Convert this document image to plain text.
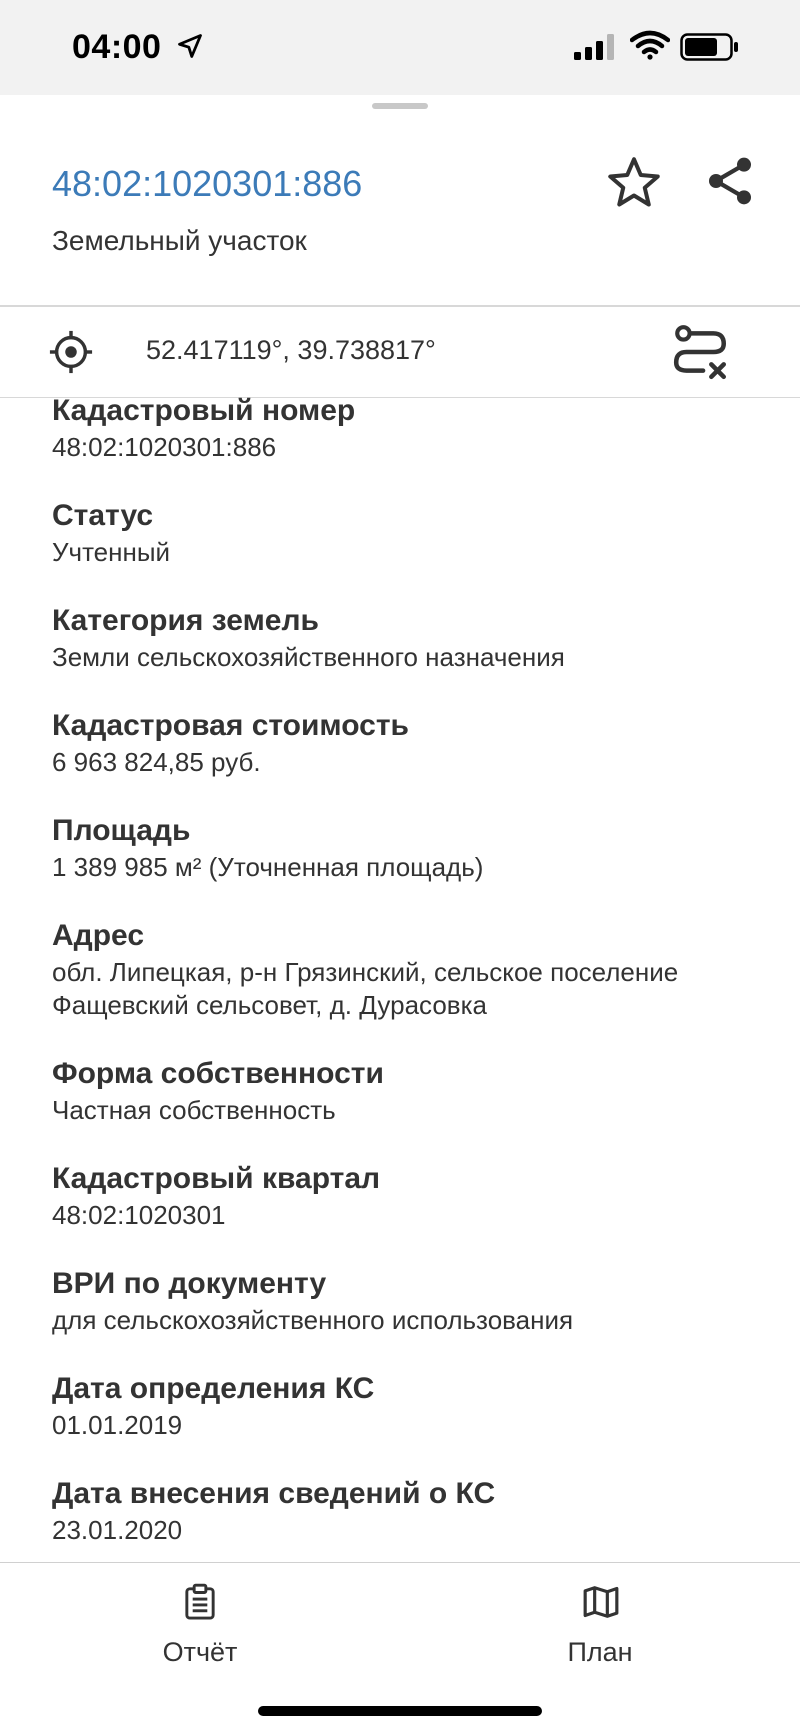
04:00
48:02:1020301:886
Земельный участок
52.417119°, 39.738817°
Кадастровый номер
48:02:1020301:886
Статус
Учтенный
Категория земель
Земли сельскохозяйственного назначения
Кадастровая стоимость
6 963 824,85 руб.
Площадь
1 389 985 м² (Уточненная площадь)
Адрес
обл. Липецкая, р-н Грязинский, сельское поселение Фащевский сельсовет, д. Дурасовка
Форма собственности
Частная собственность
Кадастровый квартал
48:02:1020301
ВРИ по документу
для сельскохозяйственного использования
Дата определения КС
01.01.2019
Дата внесения сведений о КС
23.01.2020
Отчёт	План
